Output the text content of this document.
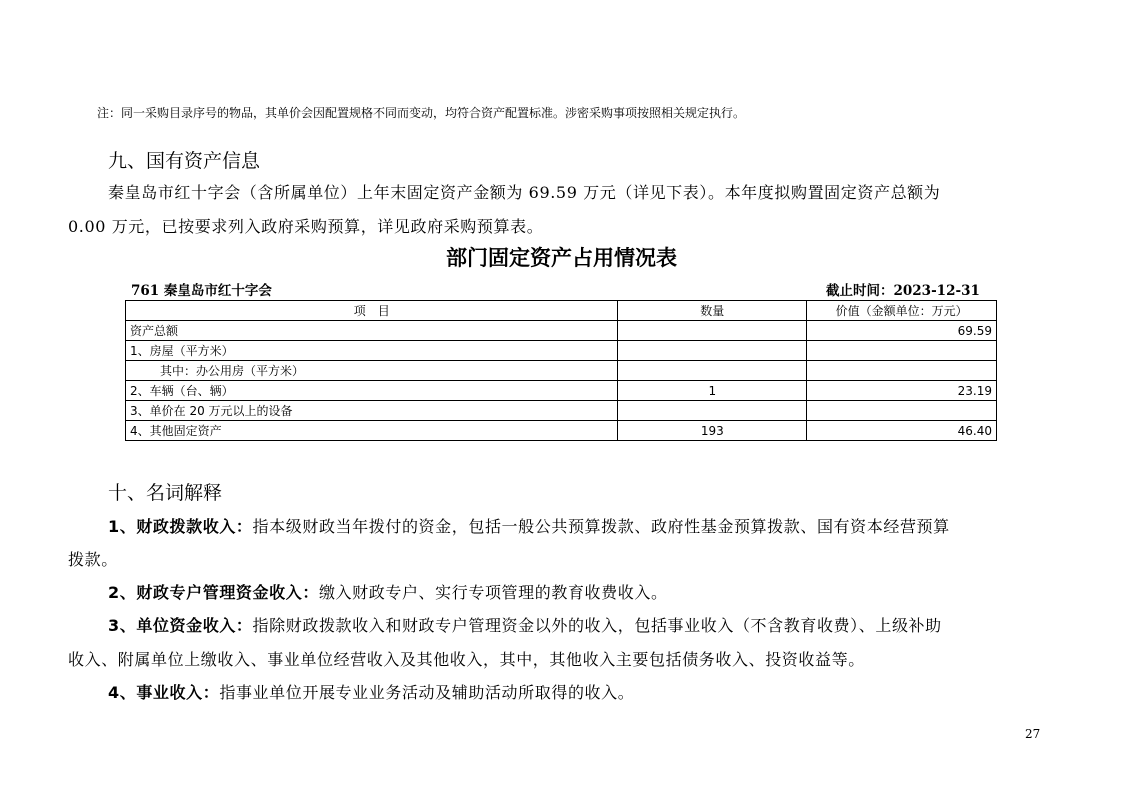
注：同一采购目录序号的物品，其单价会因配置规格不同而变动，均符合资产配置标准。涉密采购事项按照相关规定执行。
九、国有资产信息
秦皇岛市红十字会（含所属单位）上年末固定资产金额为 69.59 万元（详见下表）。本年度拟购置固定资产总额为
0.00 万元，已按要求列入政府采购预算，详见政府采购预算表。
部门固定资产占用情况表
761 秦皇岛市红十字会	截止时间：2023-12-31
项　目	数量	价值（金额单位：万元）
资产总额		69.59
1、房屋（平方米）		
其中：办公用房（平方米）		
2、车辆（台、辆）	1	23.19
3、单价在 20 万元以上的设备		
4、其他固定资产	193	46.40
十、名词解释
1、财政拨款收入：指本级财政当年拨付的资金，包括一般公共预算拨款、政府性基金预算拨款、国有资本经营预算
拨款。
2、财政专户管理资金收入：缴入财政专户、实行专项管理的教育收费收入。
3、单位资金收入：指除财政拨款收入和财政专户管理资金以外的收入，包括事业收入（不含教育收费）、上级补助
收入、附属单位上缴收入、事业单位经营收入及其他收入，其中，其他收入主要包括债务收入、投资收益等。
4、事业收入：指事业单位开展专业业务活动及辅助活动所取得的收入。
27
